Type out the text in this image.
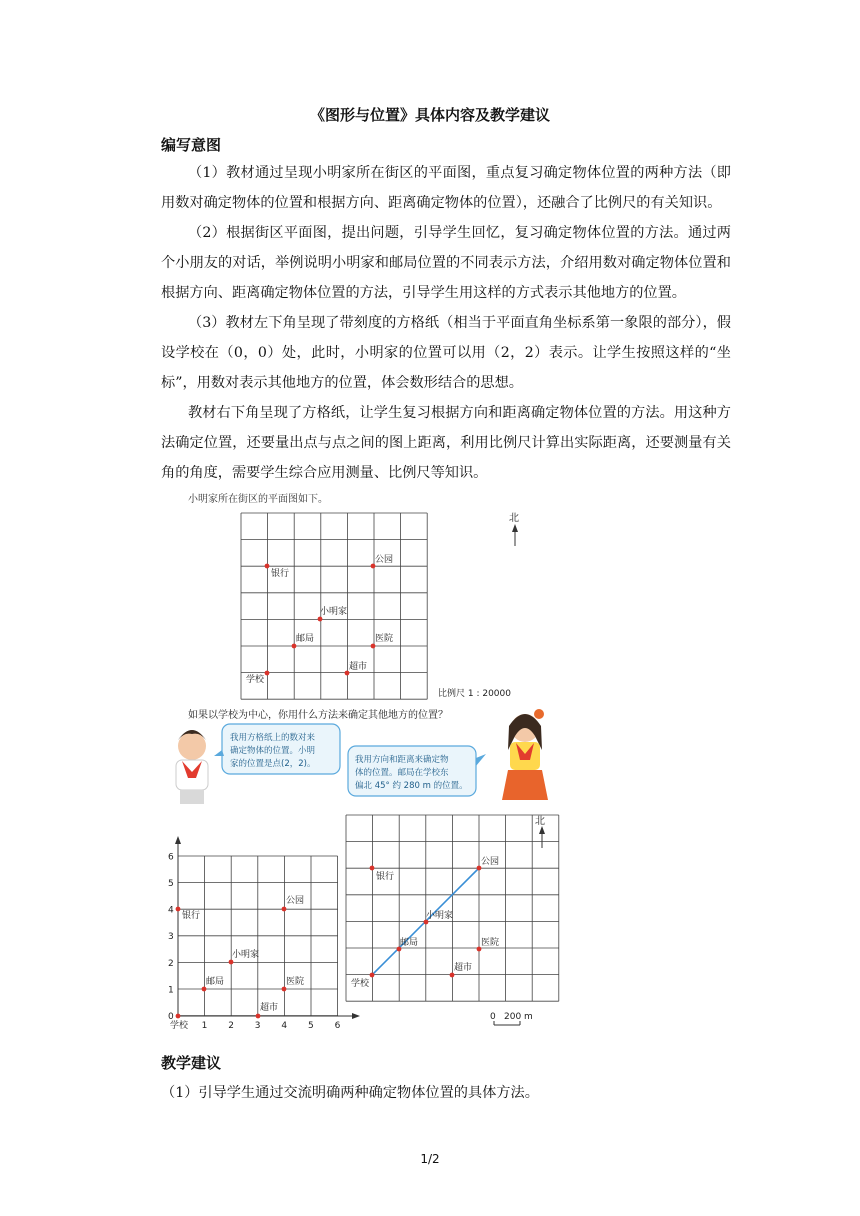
《图形与位置》具体内容及教学建议
编写意图
（1）教材通过呈现小明家所在街区的平面图，重点复习确定物体位置的两种方法（即用数对确定物体的位置和根据方向、距离确定物体的位置），还融合了比例尺的有关知识。
（2）根据街区平面图，提出问题，引导学生回忆，复习确定物体位置的方法。通过两个小朋友的对话，举例说明小明家和邮局位置的不同表示方法，介绍用数对确定物体位置和根据方向、距离确定物体位置的方法，引导学生用这样的方式表示其他地方的位置。
（3）教材左下角呈现了带刻度的方格纸（相当于平面直角坐标系第一象限的部分），假设学校在（0，0）处，此时，小明家的位置可以用（2，2）表示。让学生按照这样的“坐标”，用数对表示其他地方的位置，体会数形结合的思想。
教材右下角呈现了方格纸，让学生复习根据方向和距离确定物体位置的方法。用这种方法确定位置，还要量出点与点之间的图上距离，利用比例尺计算出实际距离，还要测量有关角的角度，需要学生综合应用测量、比例尺等知识。
小明家所在街区的平面图如下。
北
学校
银行
公园
小明家
邮局	医院
超市
比例尺 1 : 20000
如果以学校为中心，你用什么方法来确定其他地方的位置？
我用方格纸上的数对来
确定物体的位置。小明
家的位置是点(2，2)。	我用方向和距离来确定物
体的位置。邮局在学校东
偏北 45° 约 280 m 的位置。
0
1
1
2
2
3
3
4
4
5
5
6
6
学校
银行
公园
小明家
邮局	医院
超市
学校
银行
公园
小明家
邮局	医院
超市
北
0 200 m
教学建议
（1）引导学生通过交流明确两种确定物体位置的具体方法。
1/2
